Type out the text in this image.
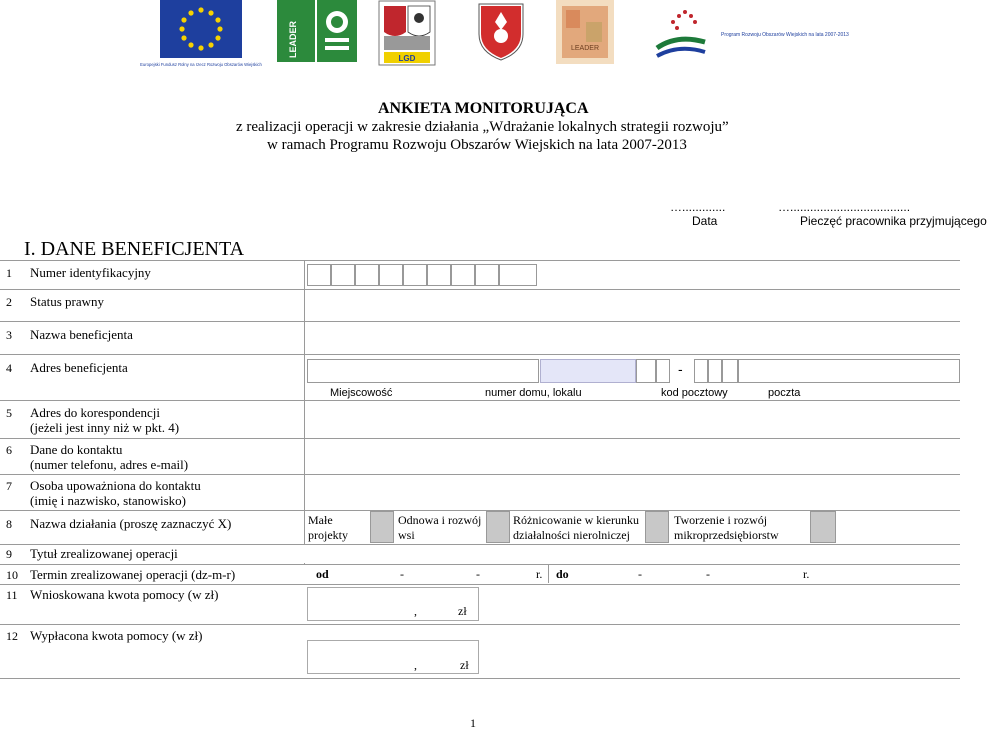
Europejski Fundusz Rolny na rzecz Rozwoju Obszarów Wiejskich
LEADER
LGD
LEADER
Program Rozwoju Obszarów Wiejskich na lata 2007-2013
ANKIETA MONITORUJĄCA
z realizacji operacji w zakresie działania „Wdrażanie lokalnych strategii rozwoju”
w ramach Programu Rozwoju Obszarów Wiejskich na lata 2007-2013
….............
Data
…....................................
Pieczęć pracownika przyjmującego
I. DANE BENEFICJENTA
1 Numer identyfikacyjny
2 Status prawny
3 Nazwa beneficjenta
4 Adres beneficjenta	-
Miejscowość	numer domu, lokalu	kod pocztowy	poczta
5 Adres do korespondencji
(jeżeli jest inny niż w pkt. 4)
6 Dane do kontaktu
(numer telefonu, adres e-mail)
7 Osoba upoważniona do kontaktu
(imię i nazwisko, stanowisko)
8 Nazwa działania (proszę zaznaczyć X)	Małe projekty
Odnowa i rozwój wsi
Różnicowanie w kierunku działalności nierolniczej
Tworzenie i rozwój mikroprzedsiębiorstw
9 Tytuł zrealizowanej operacji
10 Termin zrealizowanej operacji (dz-m-r)	od	-	-	r. do	-	-	r.
11 Wnioskowana kwota pomocy (w zł)
,	zł
12 Wypłacona kwota pomocy (w zł)
,	zł
1
